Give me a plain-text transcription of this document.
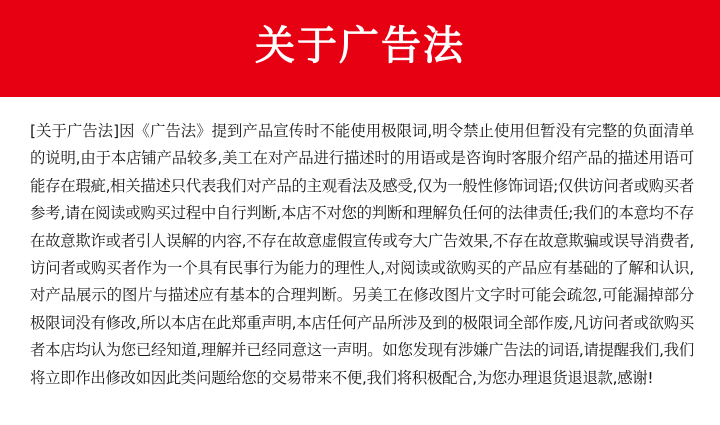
关于广告法

[关于广告法]因《广告法》提到产品宣传时不能使用极限词,明令禁止使用但暂没有完整的负面清单的说明,由于本店铺产品较多,美工在对产品进行描述时的用语或是咨询时客服介绍产品的描述用语可能存在瑕疵,相关描述只代表我们对产品的主观看法及感受,仅为一般性修饰词语;仅供访问者或购买者参考,请在阅读或购买过程中自行判断,本店不对您的判断和理解负任何的法律责任;我们的本意均不存在故意欺诈或者引人误解的内容,不存在故意虚假宣传或夸大广告效果,不存在故意欺骗或误导消费者,访问者或购买者作为一个具有民事行为能力的理性人,对阅读或欲购买的产品应有基础的了解和认识,对产品展示的图片与描述应有基本的合理判断。另美工在修改图片文字时可能会疏忽,可能漏掉部分极限词没有修改,所以本店在此郑重声明,本店任何产品所涉及到的极限词全部作废,凡访问者或欲购买者本店均认为您已经知道,理解并已经同意这一声明。如您发现有涉嫌广告法的词语,请提醒我们,我们将立即作出修改如因此类问题给您的交易带来不便,我们将积极配合,为您办理退货退退款,感谢!
